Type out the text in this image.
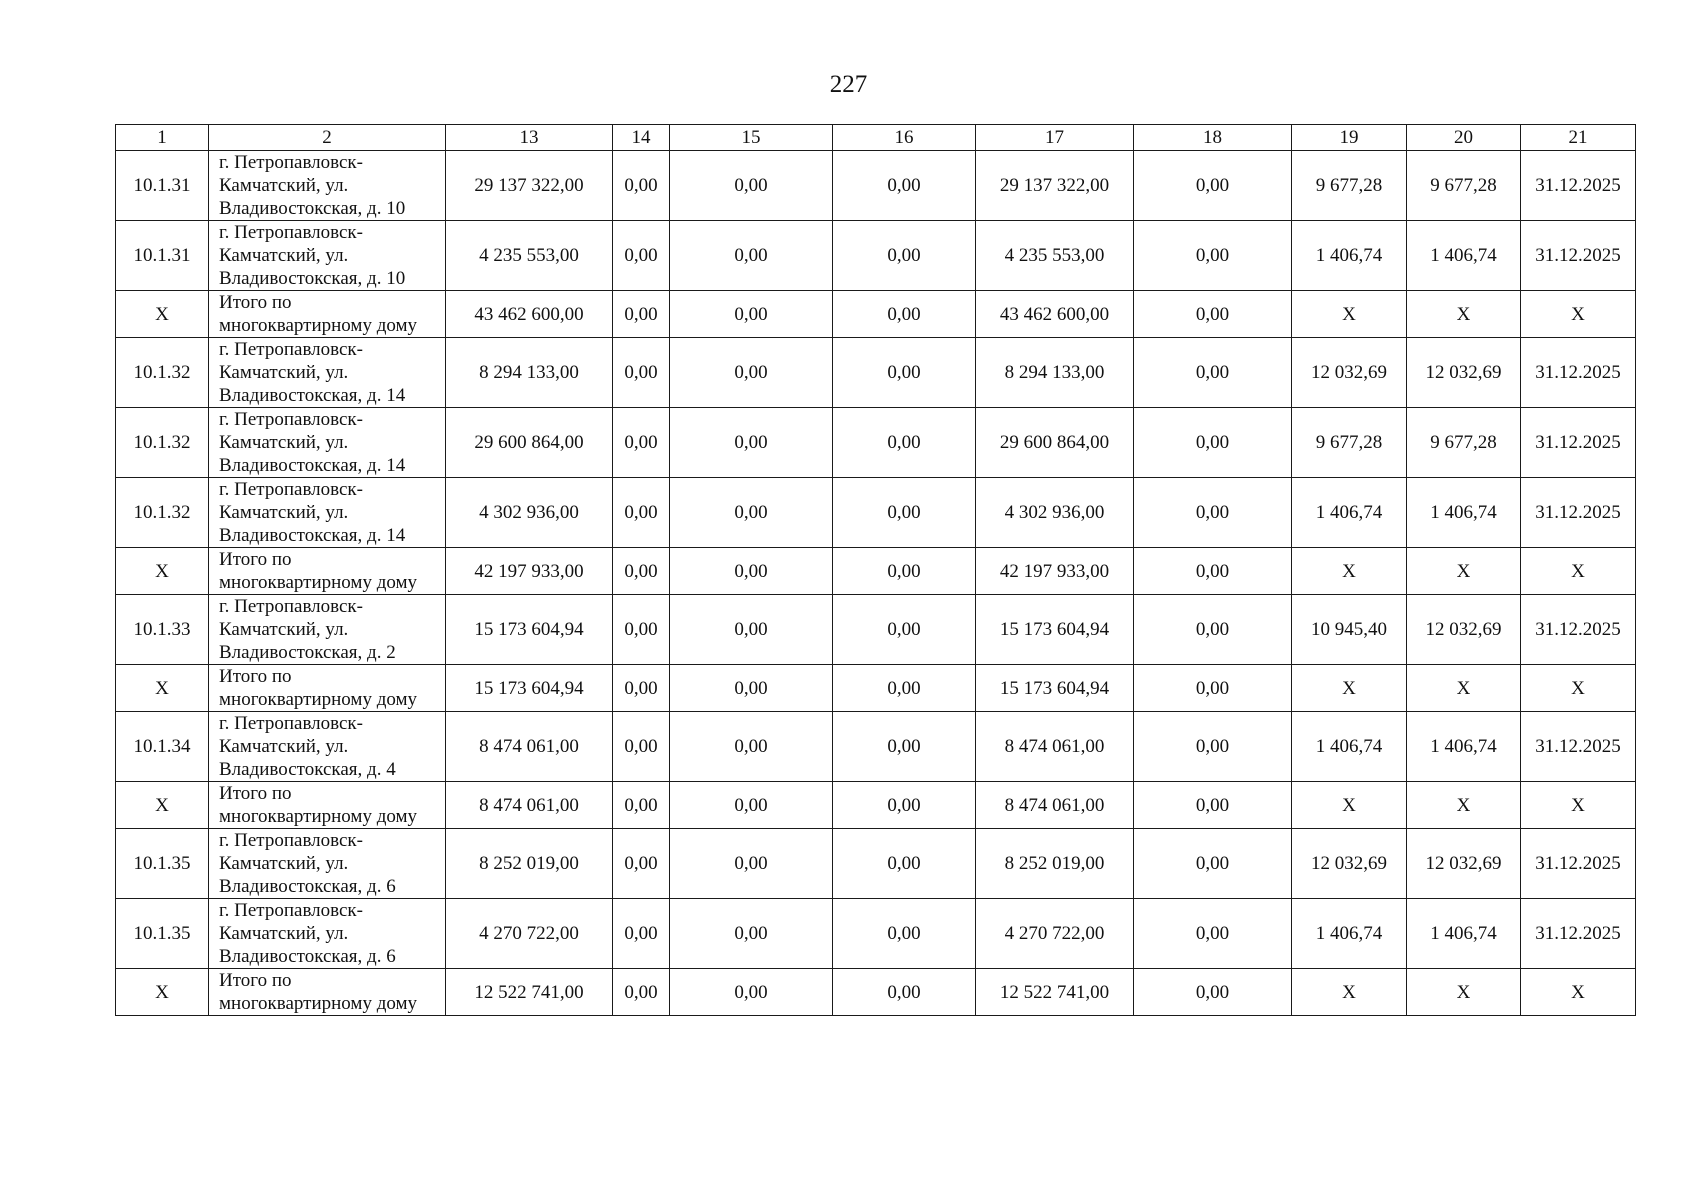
227
1	2	13	14	15	16	17	18	19	20	21
10.1.31	г. Петропавловск-
Камчатский, ул.
Владивостокская, д. 10	29 137 322,00	0,00	0,00	0,00	29 137 322,00	0,00	9 677,28	9 677,28	31.12.2025
10.1.31	г. Петропавловск-
Камчатский, ул.
Владивостокская, д. 10	4 235 553,00	0,00	0,00	0,00	4 235 553,00	0,00	1 406,74	1 406,74	31.12.2025
Х	Итого по
многоквартирному дому	43 462 600,00	0,00	0,00	0,00	43 462 600,00	0,00	Х	Х	Х
10.1.32	г. Петропавловск-
Камчатский, ул.
Владивостокская, д. 14	8 294 133,00	0,00	0,00	0,00	8 294 133,00	0,00	12 032,69	12 032,69	31.12.2025
10.1.32	г. Петропавловск-
Камчатский, ул.
Владивостокская, д. 14	29 600 864,00	0,00	0,00	0,00	29 600 864,00	0,00	9 677,28	9 677,28	31.12.2025
10.1.32	г. Петропавловск-
Камчатский, ул.
Владивостокская, д. 14	4 302 936,00	0,00	0,00	0,00	4 302 936,00	0,00	1 406,74	1 406,74	31.12.2025
Х	Итого по
многоквартирному дому	42 197 933,00	0,00	0,00	0,00	42 197 933,00	0,00	Х	Х	Х
10.1.33	г. Петропавловск-
Камчатский, ул.
Владивостокская, д. 2	15 173 604,94	0,00	0,00	0,00	15 173 604,94	0,00	10 945,40	12 032,69	31.12.2025
Х	Итого по
многоквартирному дому	15 173 604,94	0,00	0,00	0,00	15 173 604,94	0,00	Х	Х	Х
10.1.34	г. Петропавловск-
Камчатский, ул.
Владивостокская, д. 4	8 474 061,00	0,00	0,00	0,00	8 474 061,00	0,00	1 406,74	1 406,74	31.12.2025
Х	Итого по
многоквартирному дому	8 474 061,00	0,00	0,00	0,00	8 474 061,00	0,00	Х	Х	Х
10.1.35	г. Петропавловск-
Камчатский, ул.
Владивостокская, д. 6	8 252 019,00	0,00	0,00	0,00	8 252 019,00	0,00	12 032,69	12 032,69	31.12.2025
10.1.35	г. Петропавловск-
Камчатский, ул.
Владивостокская, д. 6	4 270 722,00	0,00	0,00	0,00	4 270 722,00	0,00	1 406,74	1 406,74	31.12.2025
Х	Итого по
многоквартирному дому	12 522 741,00	0,00	0,00	0,00	12 522 741,00	0,00	Х	Х	Х
